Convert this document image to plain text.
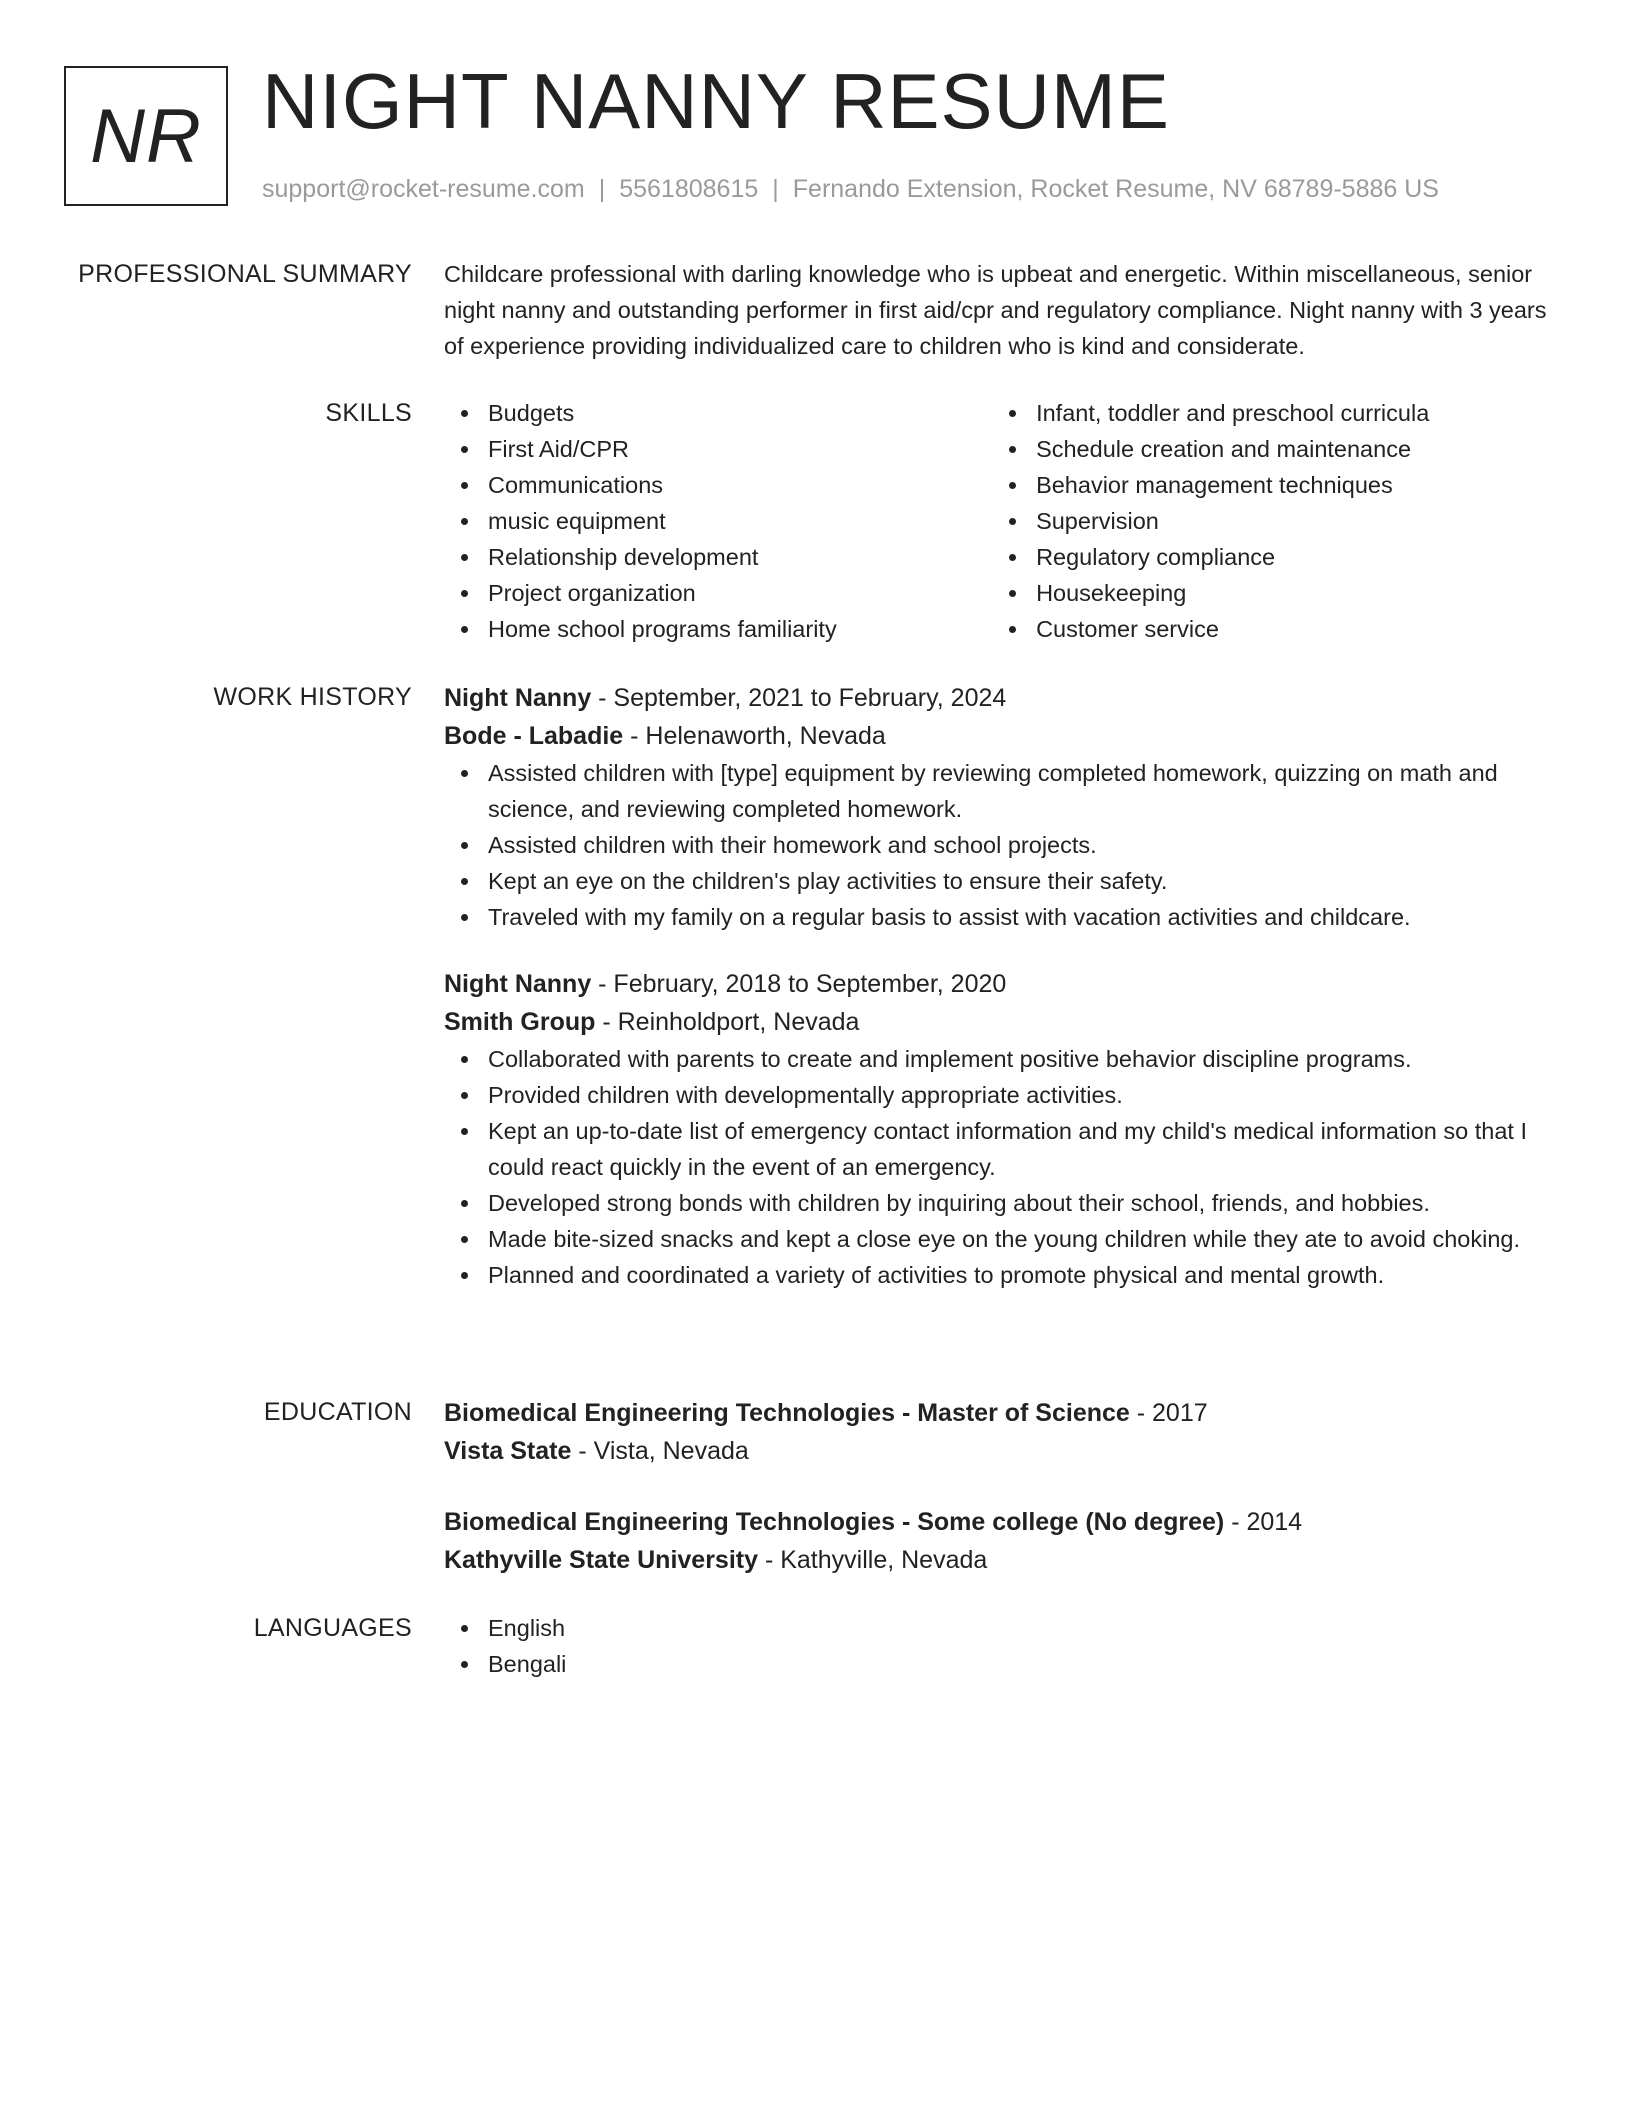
NR NIGHT NANNY RESUME
support@rocket-resume.com | 5561808615 | Fernando Extension, Rocket Resume, NV 68789-5886 US
PROFESSIONAL SUMMARY Childcare professional with darling knowledge who is upbeat and energetic. Within miscellaneous, senior night nanny and outstanding performer in first aid/cpr and regulatory compliance. Night nanny with 3 years of experience providing individualized care to children who is kind and considerate.
SKILLS	Budgets
First Aid/CPR
Communications
music equipment
Relationship development
Project organization
Home school programs familiarity
Infant, toddler and preschool curricula
Schedule creation and maintenance
Behavior management techniques
Supervision
Regulatory compliance
Housekeeping
Customer service
WORK HISTORY Night Nanny - September, 2021 to February, 2024
Bode - Labadie - Helenaworth, Nevada
Assisted children with [type] equipment by reviewing completed homework, quizzing on math and science, and reviewing completed homework.
Assisted children with their homework and school projects.
Kept an eye on the children's play activities to ensure their safety.
Traveled with my family on a regular basis to assist with vacation activities and childcare.
Night Nanny - February, 2018 to September, 2020
Smith Group - Reinholdport, Nevada
Collaborated with parents to create and implement positive behavior discipline programs.
Provided children with developmentally appropriate activities.
Kept an up-to-date list of emergency contact information and my child's medical information so that I could react quickly in the event of an emergency.
Developed strong bonds with children by inquiring about their school, friends, and hobbies.
Made bite-sized snacks and kept a close eye on the young children while they ate to avoid choking.
Planned and coordinated a variety of activities to promote physical and mental growth.
EDUCATION Biomedical Engineering Technologies - Master of Science - 2017
Vista State - Vista, Nevada
Biomedical Engineering Technologies - Some college (No degree) - 2014
Kathyville State University - Kathyville, Nevada
LANGUAGES	English
Bengali
